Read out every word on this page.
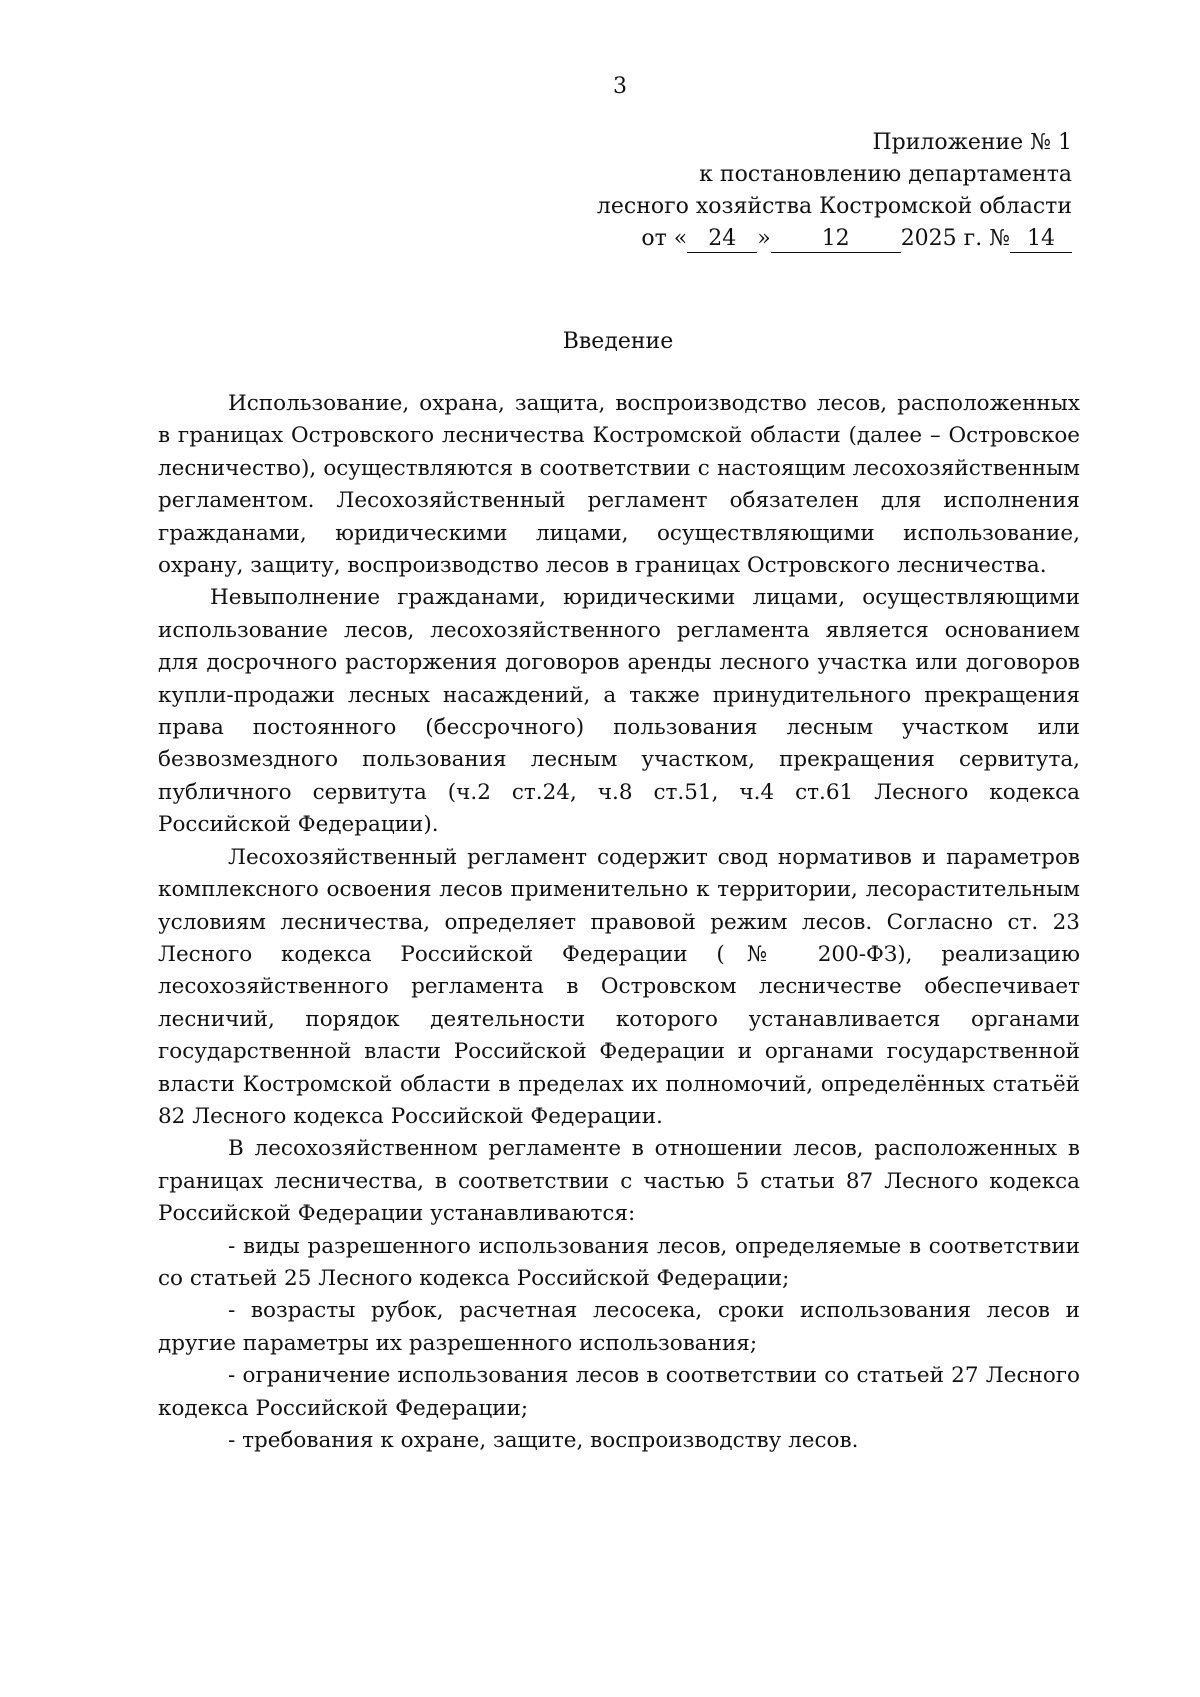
3
Приложение № 1
к постановлению департамента
лесного хозяйства Костромской области
от « 24 » 12 2025 г. № 14
Введение

Использование, охрана, защита, воспроизводство лесов, расположенных в границах Островского лесничества Костромской области (далее – Островское лесничество), осуществляются в соответствии с настоящим лесохозяйственным регламентом. Лесохозяйственный регламент обязателен для исполнения гражданами, юридическими лицами, осуществляющими использование, охрану, защиту, воспроизводство лесов в границах Островского лесничества.

Невыполнение гражданами, юридическими лицами, осуществляющими использование лесов, лесохозяйственного регламента является основанием для досрочного расторжения договоров аренды лесного участка или договоров купли-продажи лесных насаждений, а также принудительного прекращения права постоянного (бессрочного) пользования лесным участком или безвозмездного пользования лесным участком, прекращения сервитута, публичного сервитута (ч.2 ст.24, ч.8 ст.51, ч.4 ст.61 Лесного кодекса Российской Федерации).

Лесохозяйственный регламент содержит свод нормативов и параметров комплексного освоения лесов применительно к территории, лесорастительным условиям лесничества, определяет правовой режим лесов. Согласно ст. 23 Лесного кодекса Российской Федерации (№ 200-ФЗ), реализацию лесохозяйственного регламента в Островском лесничестве обеспечивает лесничий, порядок деятельности которого устанавливается органами государственной власти Российской Федерации и органами государственной власти Костромской области в пределах их полномочий, определённых статьёй 82 Лесного кодекса Российской Федерации.

В лесохозяйственном регламенте в отношении лесов, расположенных в границах лесничества, в соответствии с частью 5 статьи 87 Лесного кодекса Российской Федерации устанавливаются:

- виды разрешенного использования лесов, определяемые в соответствии со статьей 25 Лесного кодекса Российской Федерации;

- возрасты рубок, расчетная лесосека, сроки использования лесов и другие параметры их разрешенного использования;

- ограничение использования лесов в соответствии со статьей 27 Лесного кодекса Российской Федерации;

- требования к охране, защите, воспроизводству лесов.
